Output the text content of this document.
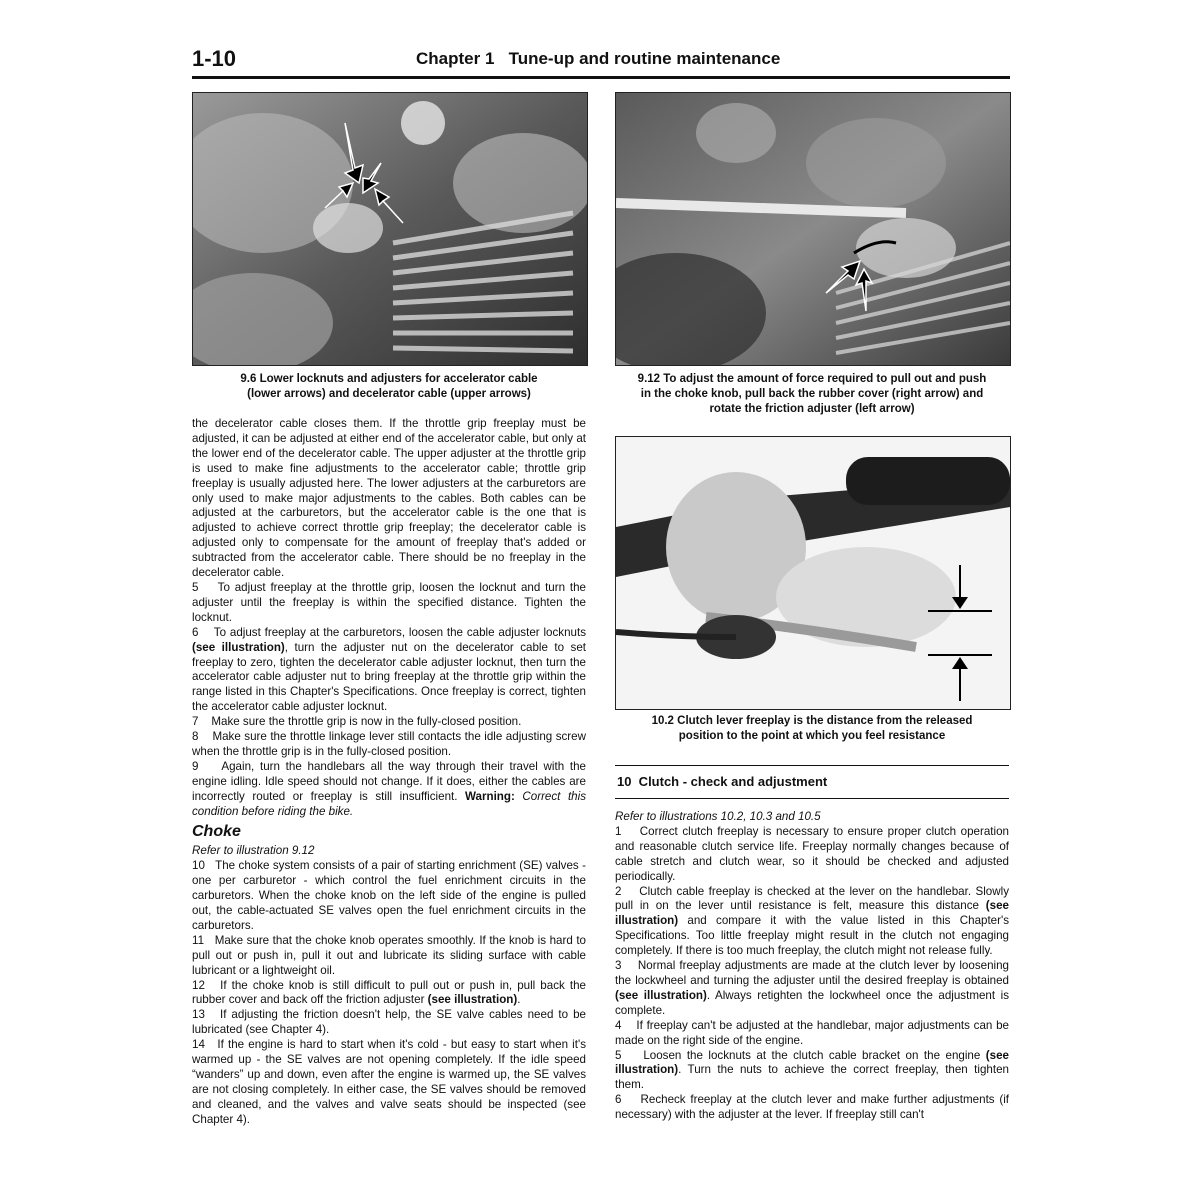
1-10	Chapter 1   Tune-up and routine maintenance
9.6 Lower locknuts and adjusters for accelerator cable
(lower arrows) and decelerator cable (upper arrows)
9.12 To adjust the amount of force required to pull out and push
in the choke knob, pull back the rubber cover (right arrow) and
rotate the friction adjuster (left arrow)
10.2 Clutch lever freeplay is the distance from the released
position to the point at which you feel resistance

the decelerator cable closes them. If the throttle grip freeplay must be adjusted, it can be adjusted at either end of the accelerator cable, but only at the lower end of the decelerator cable. The upper adjuster at the throttle grip is used to make fine adjustments to the accelerator cable; throttle grip freeplay is usually adjusted here. The lower adjusters at the carburetors are only used to make major adjustments to the cables. Both cables can be adjusted at the carburetors, but the accelerator cable is the one that is adjusted to achieve correct throttle grip freeplay; the decelerator cable is adjusted only to compensate for the amount of freeplay that's added or subtracted from the accelerator cable. There should be no freeplay in the decelerator cable.

5 To adjust freeplay at the throttle grip, loosen the locknut and turn the adjuster until the freeplay is within the specified distance. Tighten the locknut.

6 To adjust freeplay at the carburetors, loosen the cable adjuster locknuts (see illustration), turn the adjuster nut on the decelerator cable to set freeplay to zero, tighten the decelerator cable adjuster locknut, then turn the accelerator cable adjuster nut to bring freeplay at the throttle grip within the range listed in this Chapter's Specifications. Once freeplay is correct, tighten the accelerator cable adjuster locknut.

7 Make sure the throttle grip is now in the fully-closed position.

8 Make sure the throttle linkage lever still contacts the idle adjusting screw when the throttle grip is in the fully-closed position.

9 Again, turn the handlebars all the way through their travel with the engine idling. Idle speed should not change. If it does, either the cables are incorrectly routed or freeplay is still insufficient. Warning: Correct this condition before riding the bike.

Choke

Refer to illustration 9.12

10 The choke system consists of a pair of starting enrichment (SE) valves - one per carburetor - which control the fuel enrichment circuits in the carburetors. When the choke knob on the left side of the engine is pulled out, the cable-actuated SE valves open the fuel enrichment circuits in the carburetors.

11 Make sure that the choke knob operates smoothly. If the knob is hard to pull out or push in, pull it out and lubricate its sliding surface with cable lubricant or a lightweight oil.

12 If the choke knob is still difficult to pull out or push in, pull back the rubber cover and back off the friction adjuster (see illustration).

13 If adjusting the friction doesn't help, the SE valve cables need to be lubricated (see Chapter 4).

14 If the engine is hard to start when it's cold - but easy to start when it's warmed up - the SE valves are not opening completely. If the idle speed “wanders” up and down, even after the engine is warmed up, the SE valves are not closing completely. In either case, the SE valves should be removed and cleaned, and the valves and valve seats should be inspected (see Chapter 4).

10  Clutch - check and adjustment

Refer to illustrations 10.2, 10.3 and 10.5

1 Correct clutch freeplay is necessary to ensure proper clutch operation and reasonable clutch service life. Freeplay normally changes because of cable stretch and clutch wear, so it should be checked and adjusted periodically.

2 Clutch cable freeplay is checked at the lever on the handlebar. Slowly pull in on the lever until resistance is felt, measure this distance (see illustration) and compare it with the value listed in this Chapter's Specifications. Too little freeplay might result in the clutch not engaging completely. If there is too much freeplay, the clutch might not release fully.

3 Normal freeplay adjustments are made at the clutch lever by loosening the lockwheel and turning the adjuster until the desired freeplay is obtained (see illustration). Always retighten the lockwheel once the adjustment is complete.

4 If freeplay can't be adjusted at the handlebar, major adjustments can be made on the right side of the engine.

5 Loosen the locknuts at the clutch cable bracket on the engine (see illustration). Turn the nuts to achieve the correct freeplay, then tighten them.

6 Recheck freeplay at the clutch lever and make further adjustments (if necessary) with the adjuster at the lever. If freeplay still can't
